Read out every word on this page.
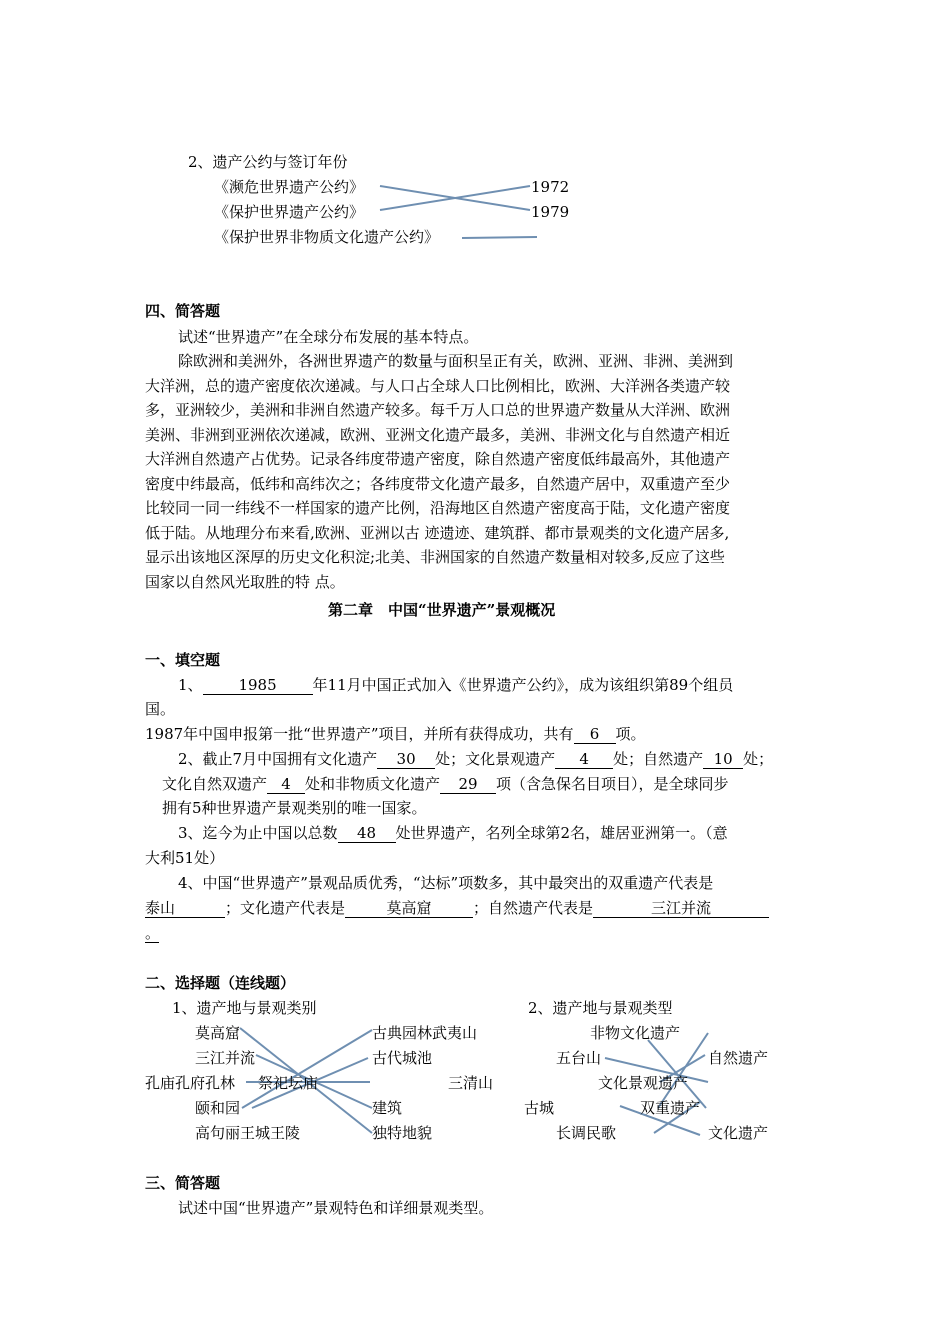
2、遗产公约与签订年份
《濒危世界遗产公约》
《保护世界遗产公约》
《保护世界非物质文化遗产公约》
1972
1979
四、简答题
试述“世界遗产”在全球分布发展的基本特点。
除欧洲和美洲外，各洲世界遗产的数量与面积呈正有关，欧洲、亚洲、非洲、美洲到
大洋洲，总的遗产密度依次递减。与人口占全球人口比例相比，欧洲、大洋洲各类遗产较
多，亚洲较少，美洲和非洲自然遗产较多。每千万人口总的世界遗产数量从大洋洲、欧洲
美洲、非洲到亚洲依次递减，欧洲、亚洲文化遗产最多，美洲、非洲文化与自然遗产相近
大洋洲自然遗产占优势。记录各纬度带遗产密度，除自然遗产密度低纬最高外，其他遗产
密度中纬最高，低纬和高纬次之；各纬度带文化遗产最多，自然遗产居中，双重遗产至少
比较同一同一纬线不一样国家的遗产比例，沿海地区自然遗产密度高于陆，文化遗产密度
低于陆。从地理分布来看,欧洲、亚洲以古 迹遗迹、建筑群、都市景观类的文化遗产居多,
显示出该地区深厚的历史文化积淀;北美、非洲国家的自然遗产数量相对较多,反应了这些
国家以自然风光取胜的特 点。
第二章　中国“世界遗产”景观概况
一、填空题
1、 1985 年11月中国正式加入《世界遗产公约》，成为该组织第89个组员
国。
1987年中国申报第一批“世界遗产”项目，并所有获得成功，共有 6 项。
2、截止7月中国拥有文化遗产 30 处；文化景观遗产 4 处；自然遗产 10 处；
文化自然双遗产 4 处和非物质文化遗产 29 项（含急保名目项目），是全球同步
拥有5种世界遗产景观类别的唯一国家。
3、迄今为止中国以总数 48 处世界遗产，名列全球第2名，雄居亚洲第一。（意
大利51处）
4、中国“世界遗产”景观品质优秀，“达标”项数多，其中最突出的双重遗产代表是
泰山	；文化遗产代表是	莫高窟	；自然遗产代表是	三江并流
。
二、选择题（连线题）
1、遗产地与景观类别	2、遗产地与景观类型
莫高窟
三江并流
孔庙孔府孔林
颐和园
高句丽王城王陵
古典园林武夷山
古代城池
祭祀坛庙
建筑
独特地貌
三清山
非物文化遗产
五台山
古城
长调民歌
自然遗产
文化景观遗产
双重遗产
文化遗产
三、简答题
试述中国“世界遗产”景观特色和详细景观类型。
